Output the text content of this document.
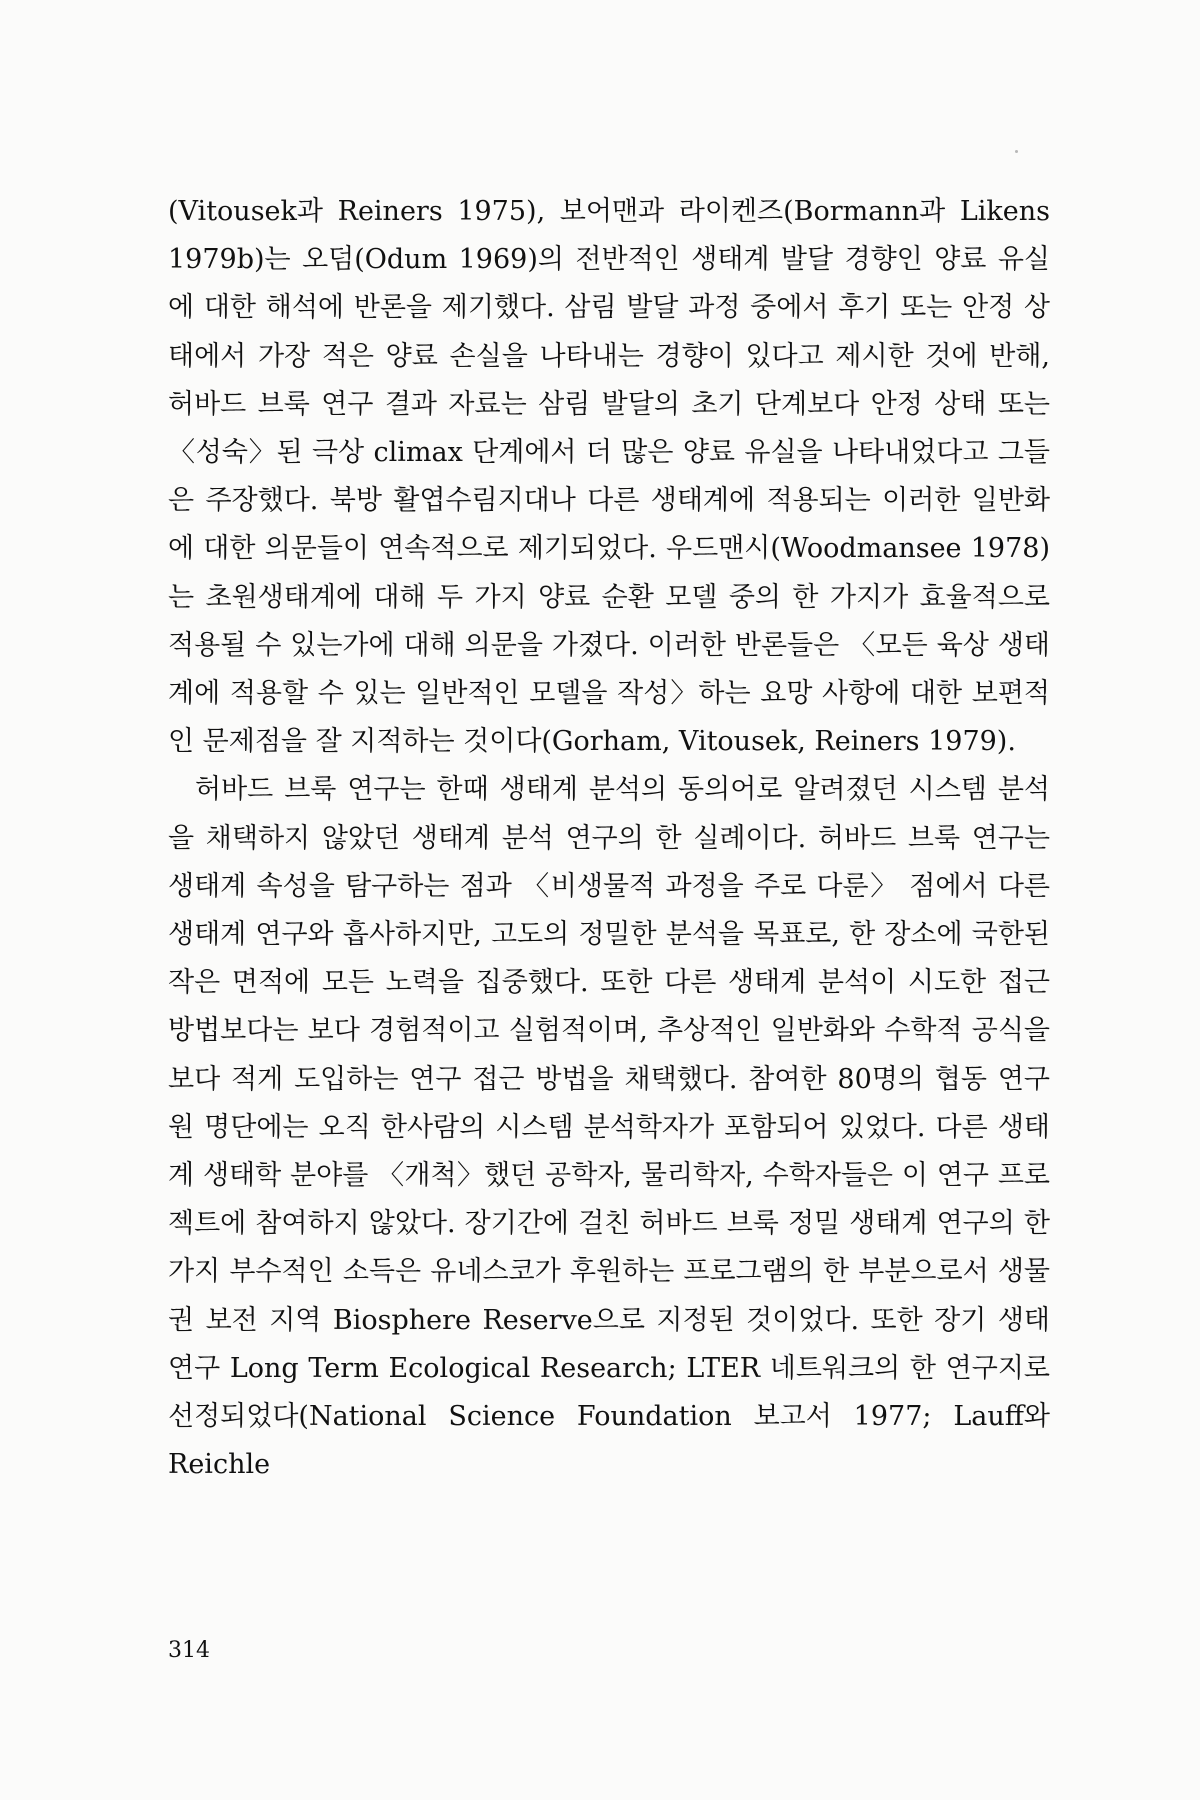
(Vitousek과 Reiners 1975), 보어맨과 라이켄즈(Bormann과 Likens 1979b)는 오덤(Odum 1969)의 전반적인 생태계 발달 경향인 양료 유실에 대한 해석에 반론을 제기했다. 삼림 발달 과정 중에서 후기 또는 안정 상태에서 가장 적은 양료 손실을 나타내는 경향이 있다고 제시한 것에 반해, 허바드 브룩 연구 결과 자료는 삼림 발달의 초기 단계보다 안정 상태 또는 〈성숙〉된 극상 climax 단계에서 더 많은 양료 유실을 나타내었다고 그들은 주장했다. 북방 활엽수림지대나 다른 생태계에 적용되는 이러한 일반화에 대한 의문들이 연속적으로 제기되었다. 우드맨시(Woodmansee 1978)는 초원생태계에 대해 두 가지 양료 순환 모델 중의 한 가지가 효율적으로 적용될 수 있는가에 대해 의문을 가졌다. 이러한 반론들은 〈모든 육상 생태계에 적용할 수 있는 일반적인 모델을 작성〉하는 요망 사항에 대한 보편적인 문제점을 잘 지적하는 것이다(Gorham, Vitousek, Reiners 1979).

허바드 브룩 연구는 한때 생태계 분석의 동의어로 알려졌던 시스템 분석을 채택하지 않았던 생태계 분석 연구의 한 실례이다. 허바드 브룩 연구는 생태계 속성을 탐구하는 점과 〈비생물적 과정을 주로 다룬〉 점에서 다른 생태계 연구와 흡사하지만, 고도의 정밀한 분석을 목표로, 한 장소에 국한된 작은 면적에 모든 노력을 집중했다. 또한 다른 생태계 분석이 시도한 접근 방법보다는 보다 경험적이고 실험적이며, 추상적인 일반화와 수학적 공식을 보다 적게 도입하는 연구 접근 방법을 채택했다. 참여한 80명의 협동 연구원 명단에는 오직 한사람의 시스템 분석학자가 포함되어 있었다. 다른 생태계 생태학 분야를 〈개척〉했던 공학자, 물리학자, 수학자들은 이 연구 프로젝트에 참여하지 않았다. 장기간에 걸친 허바드 브룩 정밀 생태계 연구의 한 가지 부수적인 소득은 유네스코가 후원하는 프로그램의 한 부분으로서 생물권 보전 지역 Biosphere Reserve으로 지정된 것이었다. 또한 장기 생태 연구 Long Term Ecological Research; LTER 네트워크의 한 연구지로 선정되었다(National Science Foundation 보고서 1977; Lauff와 Reichle

314
